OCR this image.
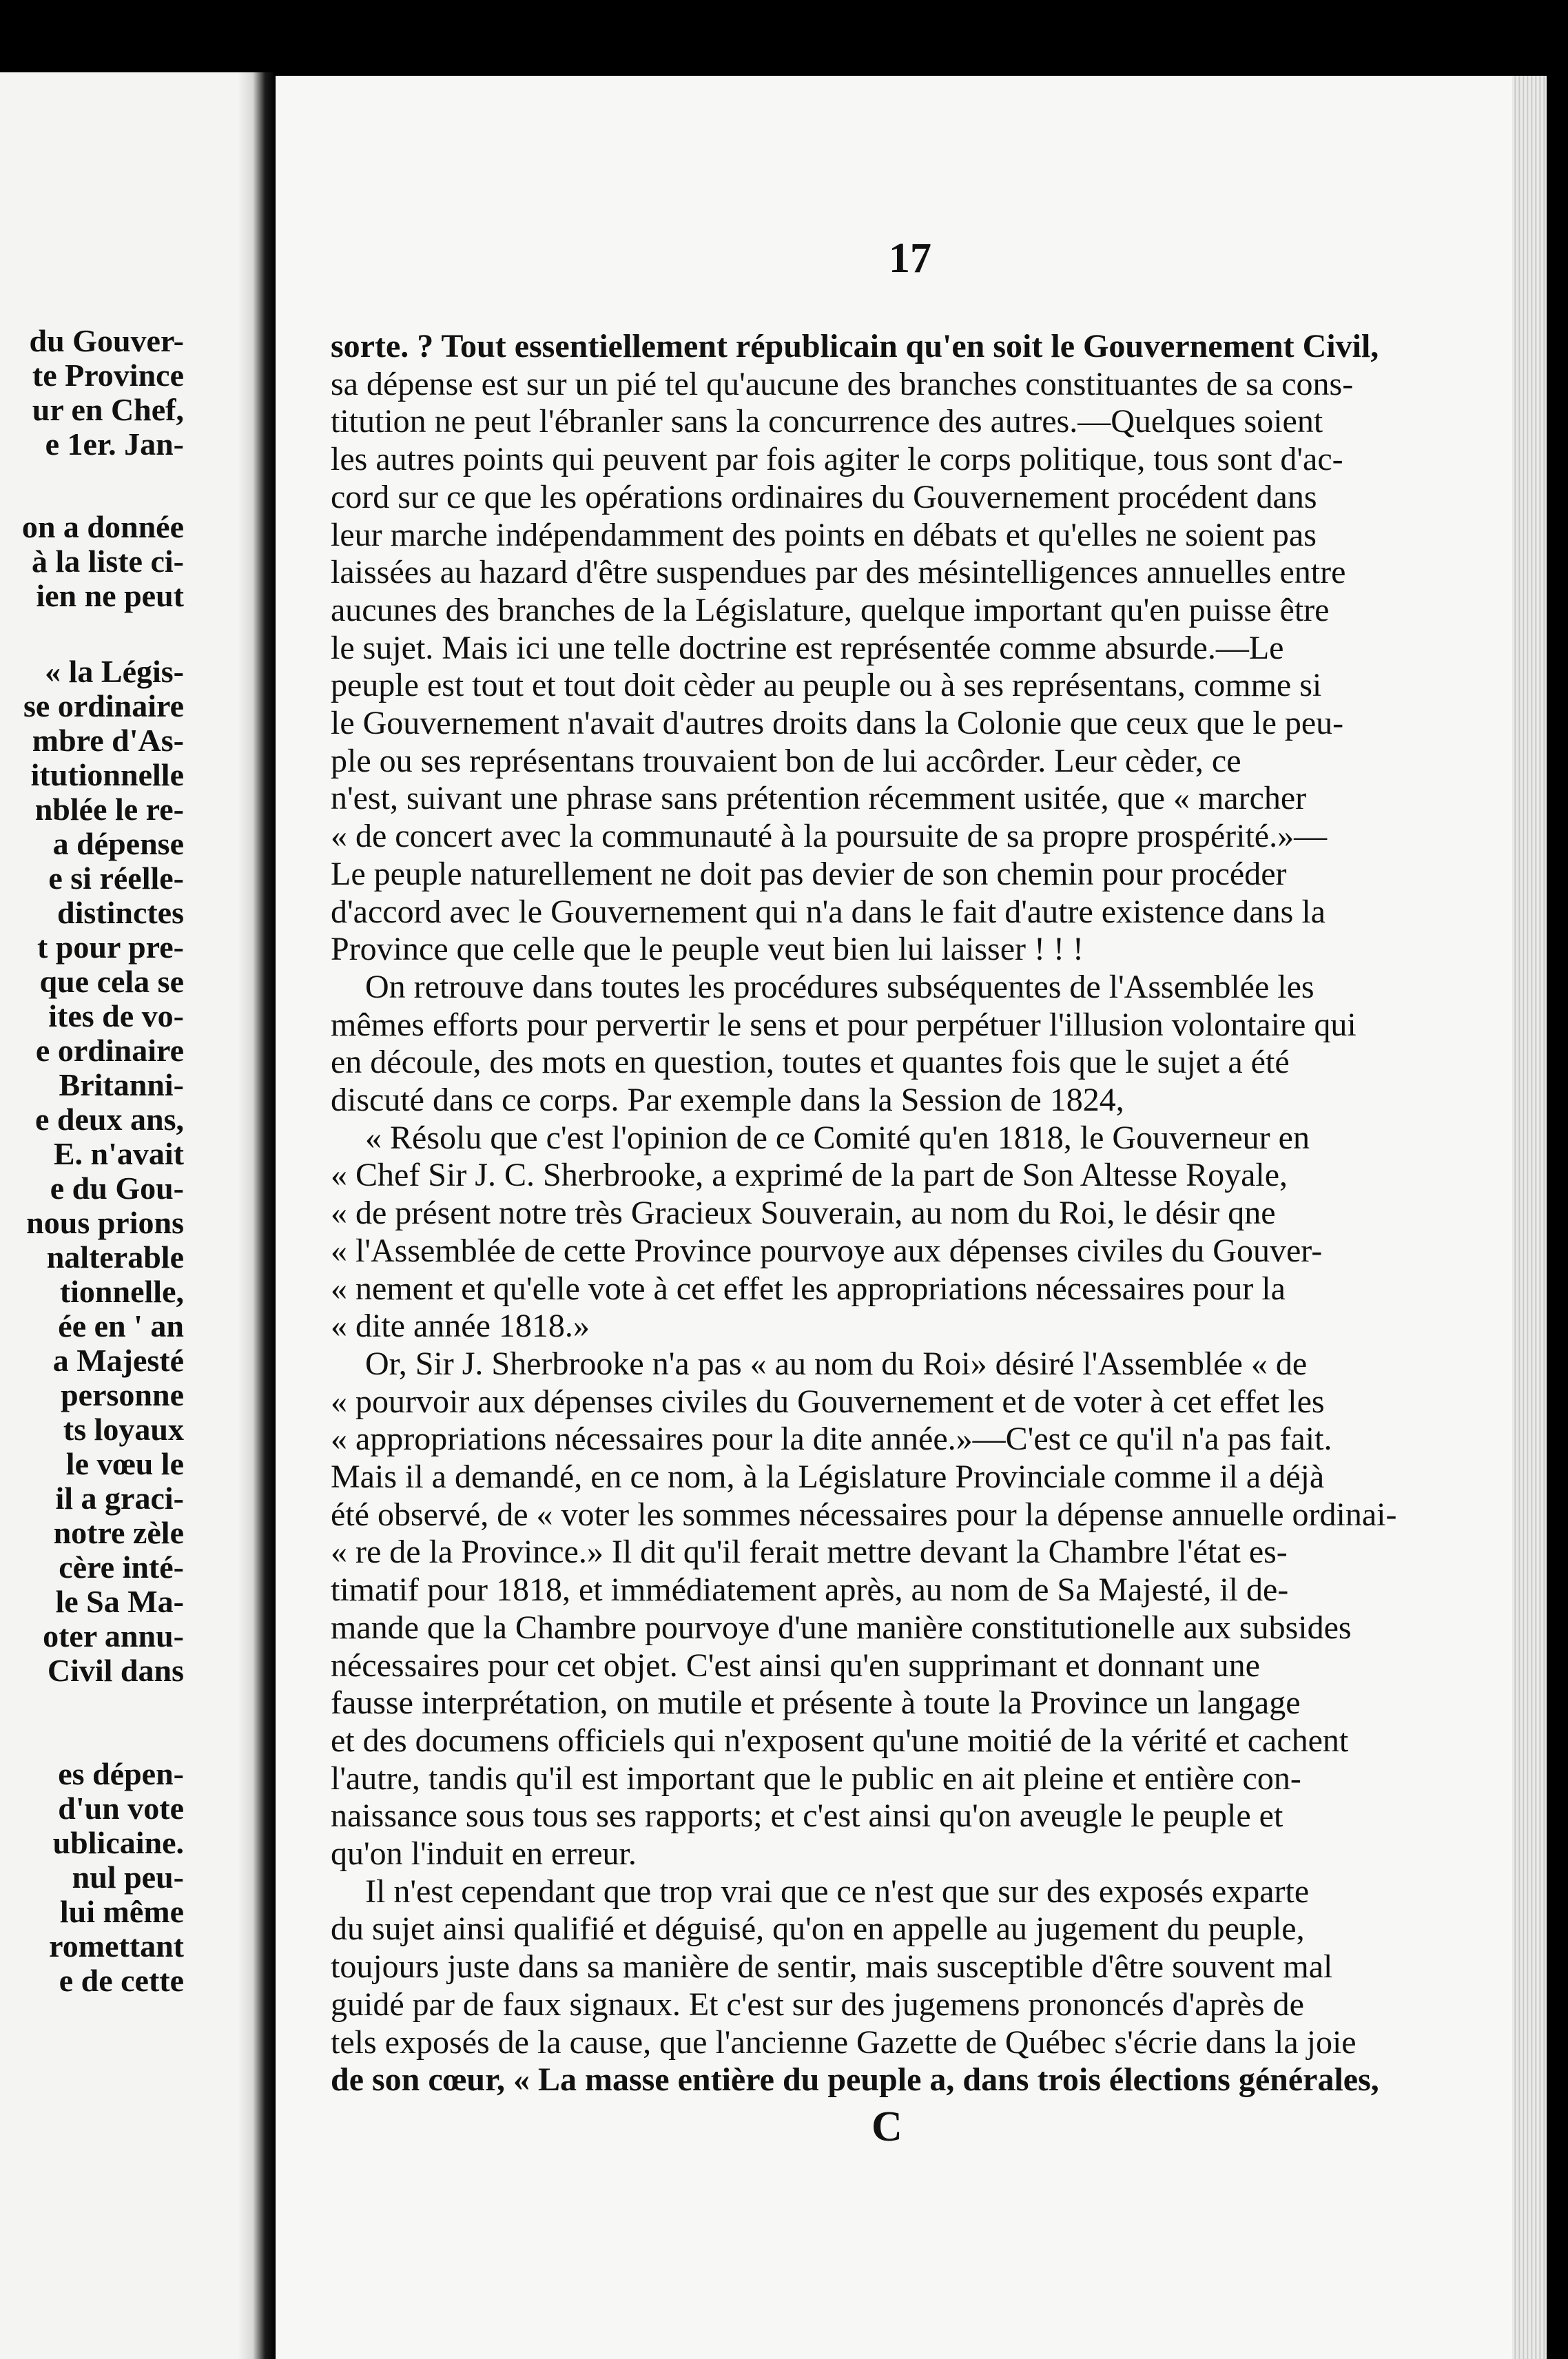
du Gouver-
te Province
ur en Chef,
e 1er. Jan-
on a donnée
à la liste ci-
ien ne peut
« la Légis-
se ordinaire
mbre d'As-
itutionnelle
nblée le re-
a dépense
e si réelle-
distinctes
t pour pre-
que cela se
ites de vo-
e ordinaire
Britanni-
e deux ans,
E. n'avait
e du Gou-
nous prions
nalterable
tionnelle,
ée en ' an
a Majesté
personne
ts loyaux
le vœu le
il a graci-
notre zèle
cère inté-
le Sa Ma-
oter annu-
Civil dans
es dépen-
d'un vote
ublicaine.
nul peu-
lui même
romettant
e de cette
17
sorte. ? Tout essentiellement républicain qu'en soit le Gouvernement Civil,
sa dépense est sur un pié tel qu'aucune des branches constituantes de sa cons-
titution ne peut l'ébranler sans la concurrence des autres.—Quelques soient
les autres points qui peuvent par fois agiter le corps politique, tous sont d'ac-
cord sur ce que les opérations ordinaires du Gouvernement procédent dans
leur marche indépendamment des points en débats et qu'elles ne soient pas
laissées au hazard d'être suspendues par des mésintelligences annuelles entre
aucunes des branches de la Législature, quelque important qu'en puisse être
le sujet. Mais ici une telle doctrine est représentée comme absurde.—Le
peuple est tout et tout doit cèder au peuple ou à ses représentans, comme si
le Gouvernement n'avait d'autres droits dans la Colonie que ceux que le peu-
ple ou ses représentans trouvaient bon de lui accôrder. Leur cèder, ce
n'est, suivant une phrase sans prétention récemment usitée, que « marcher
« de concert avec la communauté à la poursuite de sa propre prospérité.»—
Le peuple naturellement ne doit pas devier de son chemin pour procéder
d'accord avec le Gouvernement qui n'a dans le fait d'autre existence dans la
Province que celle que le peuple veut bien lui laisser ! ! !
On retrouve dans toutes les procédures subséquentes de l'Assemblée les
mêmes efforts pour pervertir le sens et pour perpétuer l'illusion volontaire qui
en découle, des mots en question, toutes et quantes fois que le sujet a été
discuté dans ce corps. Par exemple dans la Session de 1824,
« Résolu que c'est l'opinion de ce Comité qu'en 1818, le Gouverneur en
« Chef Sir J. C. Sherbrooke, a exprimé de la part de Son Altesse Royale,
« de présent notre très Gracieux Souverain, au nom du Roi, le désir qne
« l'Assemblée de cette Province pourvoye aux dépenses civiles du Gouver-
« nement et qu'elle vote à cet effet les appropriations nécessaires pour la
« dite année 1818.»
Or, Sir J. Sherbrooke n'a pas « au nom du Roi» désiré l'Assemblée « de
« pourvoir aux dépenses civiles du Gouvernement et de voter à cet effet les
« appropriations nécessaires pour la dite année.»—C'est ce qu'il n'a pas fait.
Mais il a demandé, en ce nom, à la Législature Provinciale comme il a déjà
été observé, de « voter les sommes nécessaires pour la dépense annuelle ordinai-
« re de la Province.» Il dit qu'il ferait mettre devant la Chambre l'état es-
timatif pour 1818, et immédiatement après, au nom de Sa Majesté, il de-
mande que la Chambre pourvoye d'une manière constitutionelle aux subsides
nécessaires pour cet objet. C'est ainsi qu'en supprimant et donnant une
fausse interprétation, on mutile et présente à toute la Province un langage
et des documens officiels qui n'exposent qu'une moitié de la vérité et cachent
l'autre, tandis qu'il est important que le public en ait pleine et entière con-
naissance sous tous ses rapports; et c'est ainsi qu'on aveugle le peuple et
qu'on l'induit en erreur.
Il n'est cependant que trop vrai que ce n'est que sur des exposés exparte
du sujet ainsi qualifié et déguisé, qu'on en appelle au jugement du peuple,
toujours juste dans sa manière de sentir, mais susceptible d'être souvent mal
guidé par de faux signaux. Et c'est sur des jugemens prononcés d'après de
tels exposés de la cause, que l'ancienne Gazette de Québec s'écrie dans la joie
de son cœur, « La masse entière du peuple a, dans trois élections générales,
C
